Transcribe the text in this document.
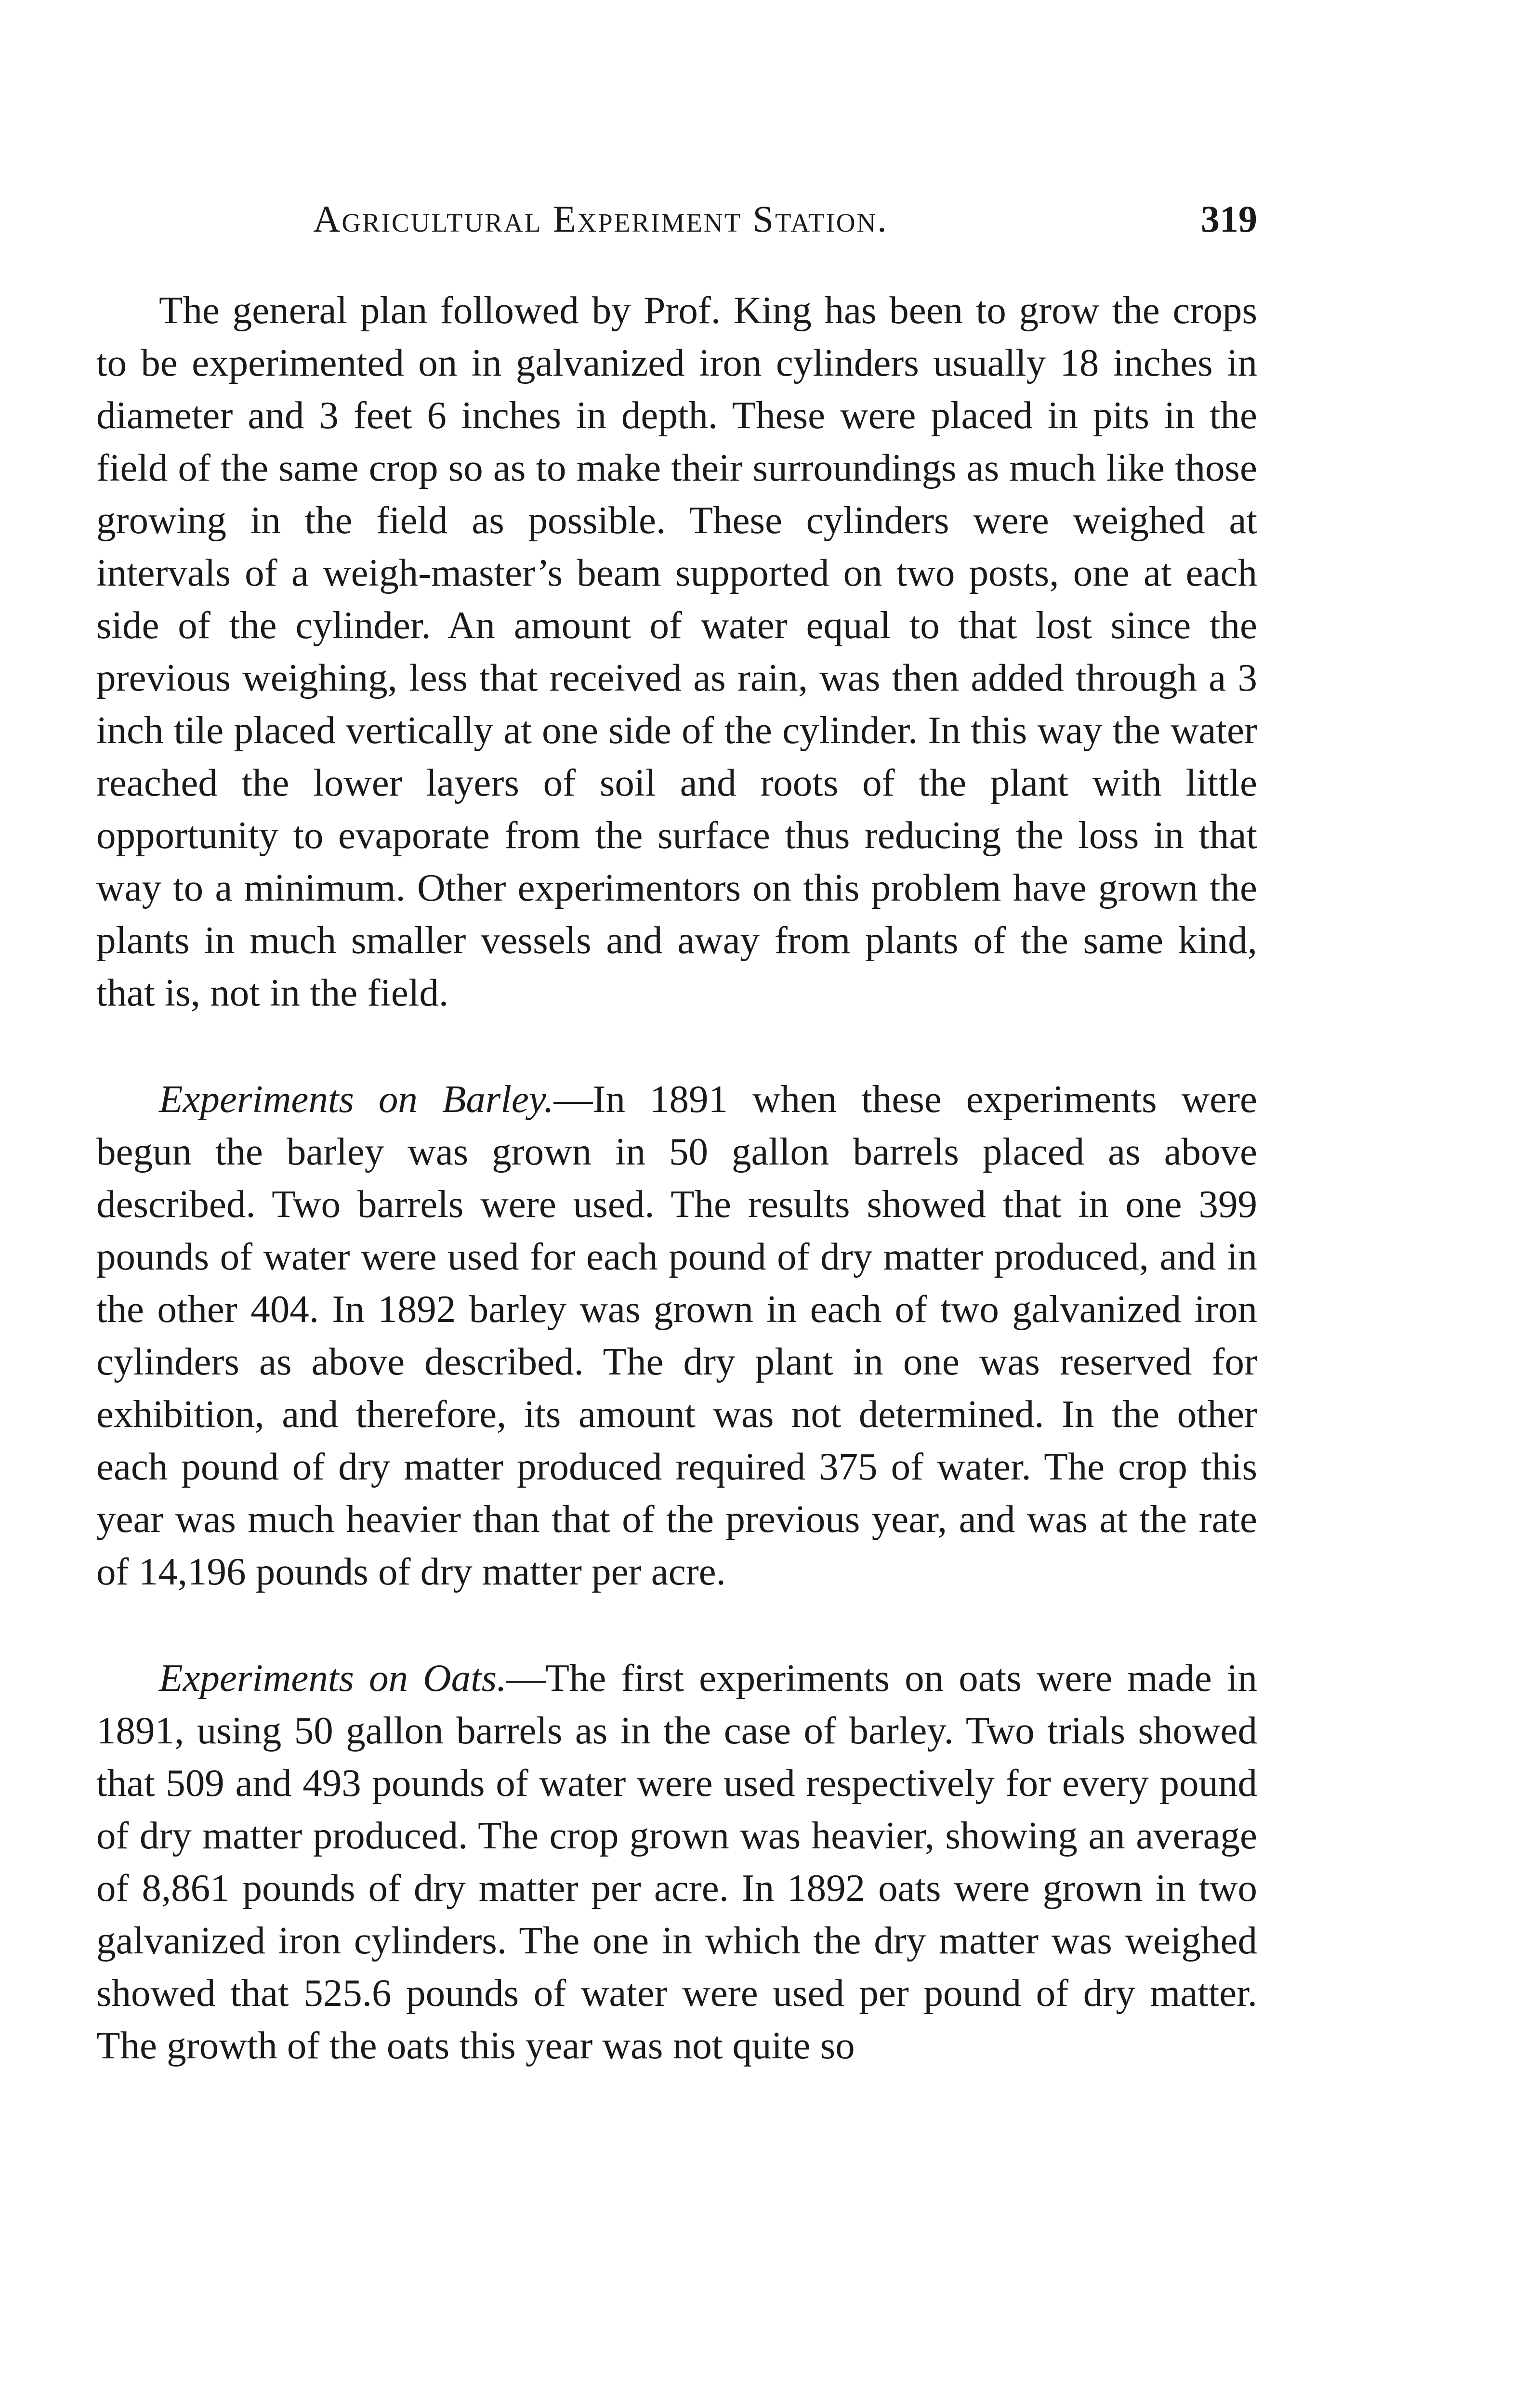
Agricultural Experiment Station.	319

The general plan followed by Prof. King has been to grow the crops to be experimented on in galvanized iron cylinders usually 18 inches in diameter and 3 feet 6 inches in depth. These were placed in pits in the field of the same crop so as to make their surroundings as much like those growing in the field as possible. These cylinders were weighed at intervals of a weigh-master’s beam supported on two posts, one at each side of the cylinder. An amount of water equal to that lost since the previous weighing, less that received as rain, was then added through a 3 inch tile placed vertically at one side of the cylinder. In this way the water reached the lower layers of soil and roots of the plant with little opportunity to evaporate from the surface thus reducing the loss in that way to a minimum. Other experimentors on this problem have grown the plants in much smaller vessels and away from plants of the same kind, that is, not in the field.

Experiments on Barley.—In 1891 when these experiments were begun the barley was grown in 50 gallon barrels placed as above described. Two barrels were used. The results showed that in one 399 pounds of water were used for each pound of dry matter produced, and in the other 404. In 1892 barley was grown in each of two galvanized iron cylinders as above described. The dry plant in one was reserved for exhibition, and therefore, its amount was not determined. In the other each pound of dry matter produced required 375 of water. The crop this year was much heavier than that of the previous year, and was at the rate of 14,196 pounds of dry matter per acre.

Experiments on Oats.—The first experiments on oats were made in 1891, using 50 gallon barrels as in the case of barley. Two trials showed that 509 and 493 pounds of water were used respectively for every pound of dry matter produced. The crop grown was heavier, showing an average of 8,861 pounds of dry matter per acre. In 1892 oats were grown in two galvanized iron cylinders. The one in which the dry matter was weighed showed that 525.6 pounds of water were used per pound of dry matter. The growth of the oats this year was not quite so
